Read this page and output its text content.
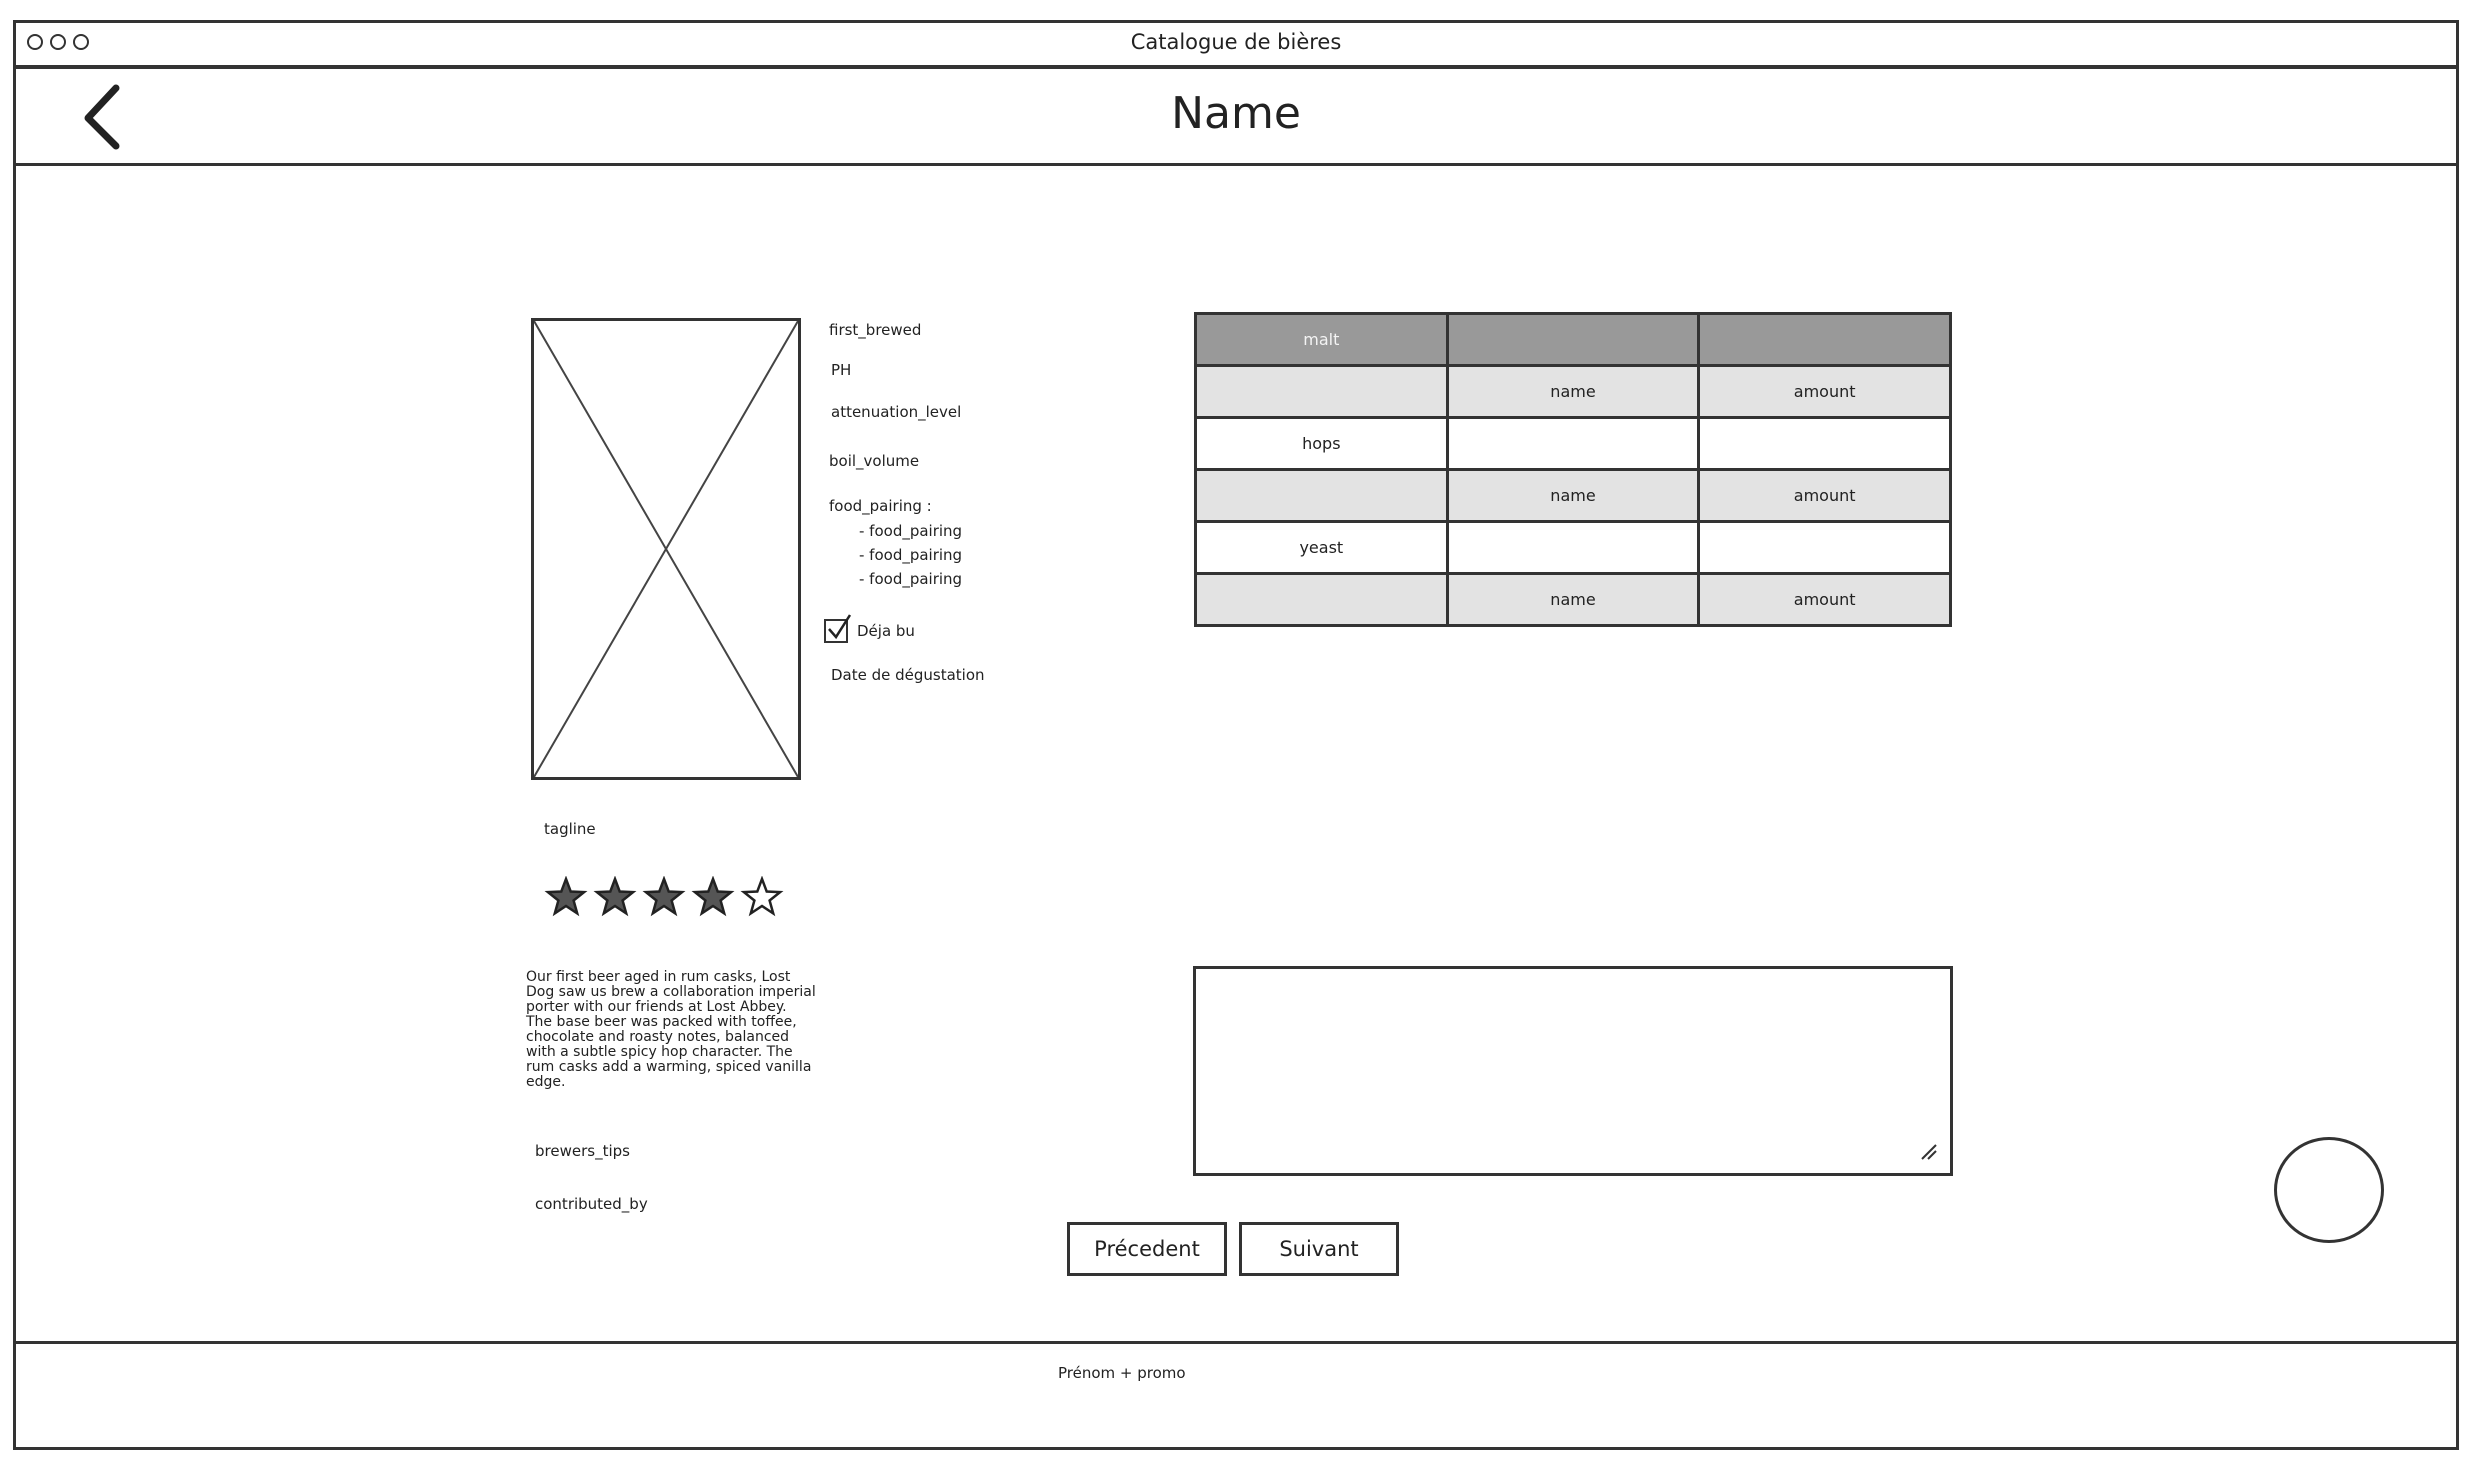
Catalogue de bières
Name
first_brewed
PH
attenuation_level
boil_volume
food_pairing :
- food_pairing
- food_pairing
- food_pairing
Déja bu
Date de dégustation
malt		
	name	amount
hops		
	name	amount
yeast		
	name	amount
tagline
Our first beer aged in rum casks, Lost Dog saw us brew a collaboration imperial porter with our friends at Lost Abbey. The base beer was packed with toffee, chocolate and roasty notes, balanced with a subtle spicy hop character. The rum casks add a warming, spiced vanilla edge.
brewers_tips
contributed_by
Précedent	Suivant
Prénom + promo
